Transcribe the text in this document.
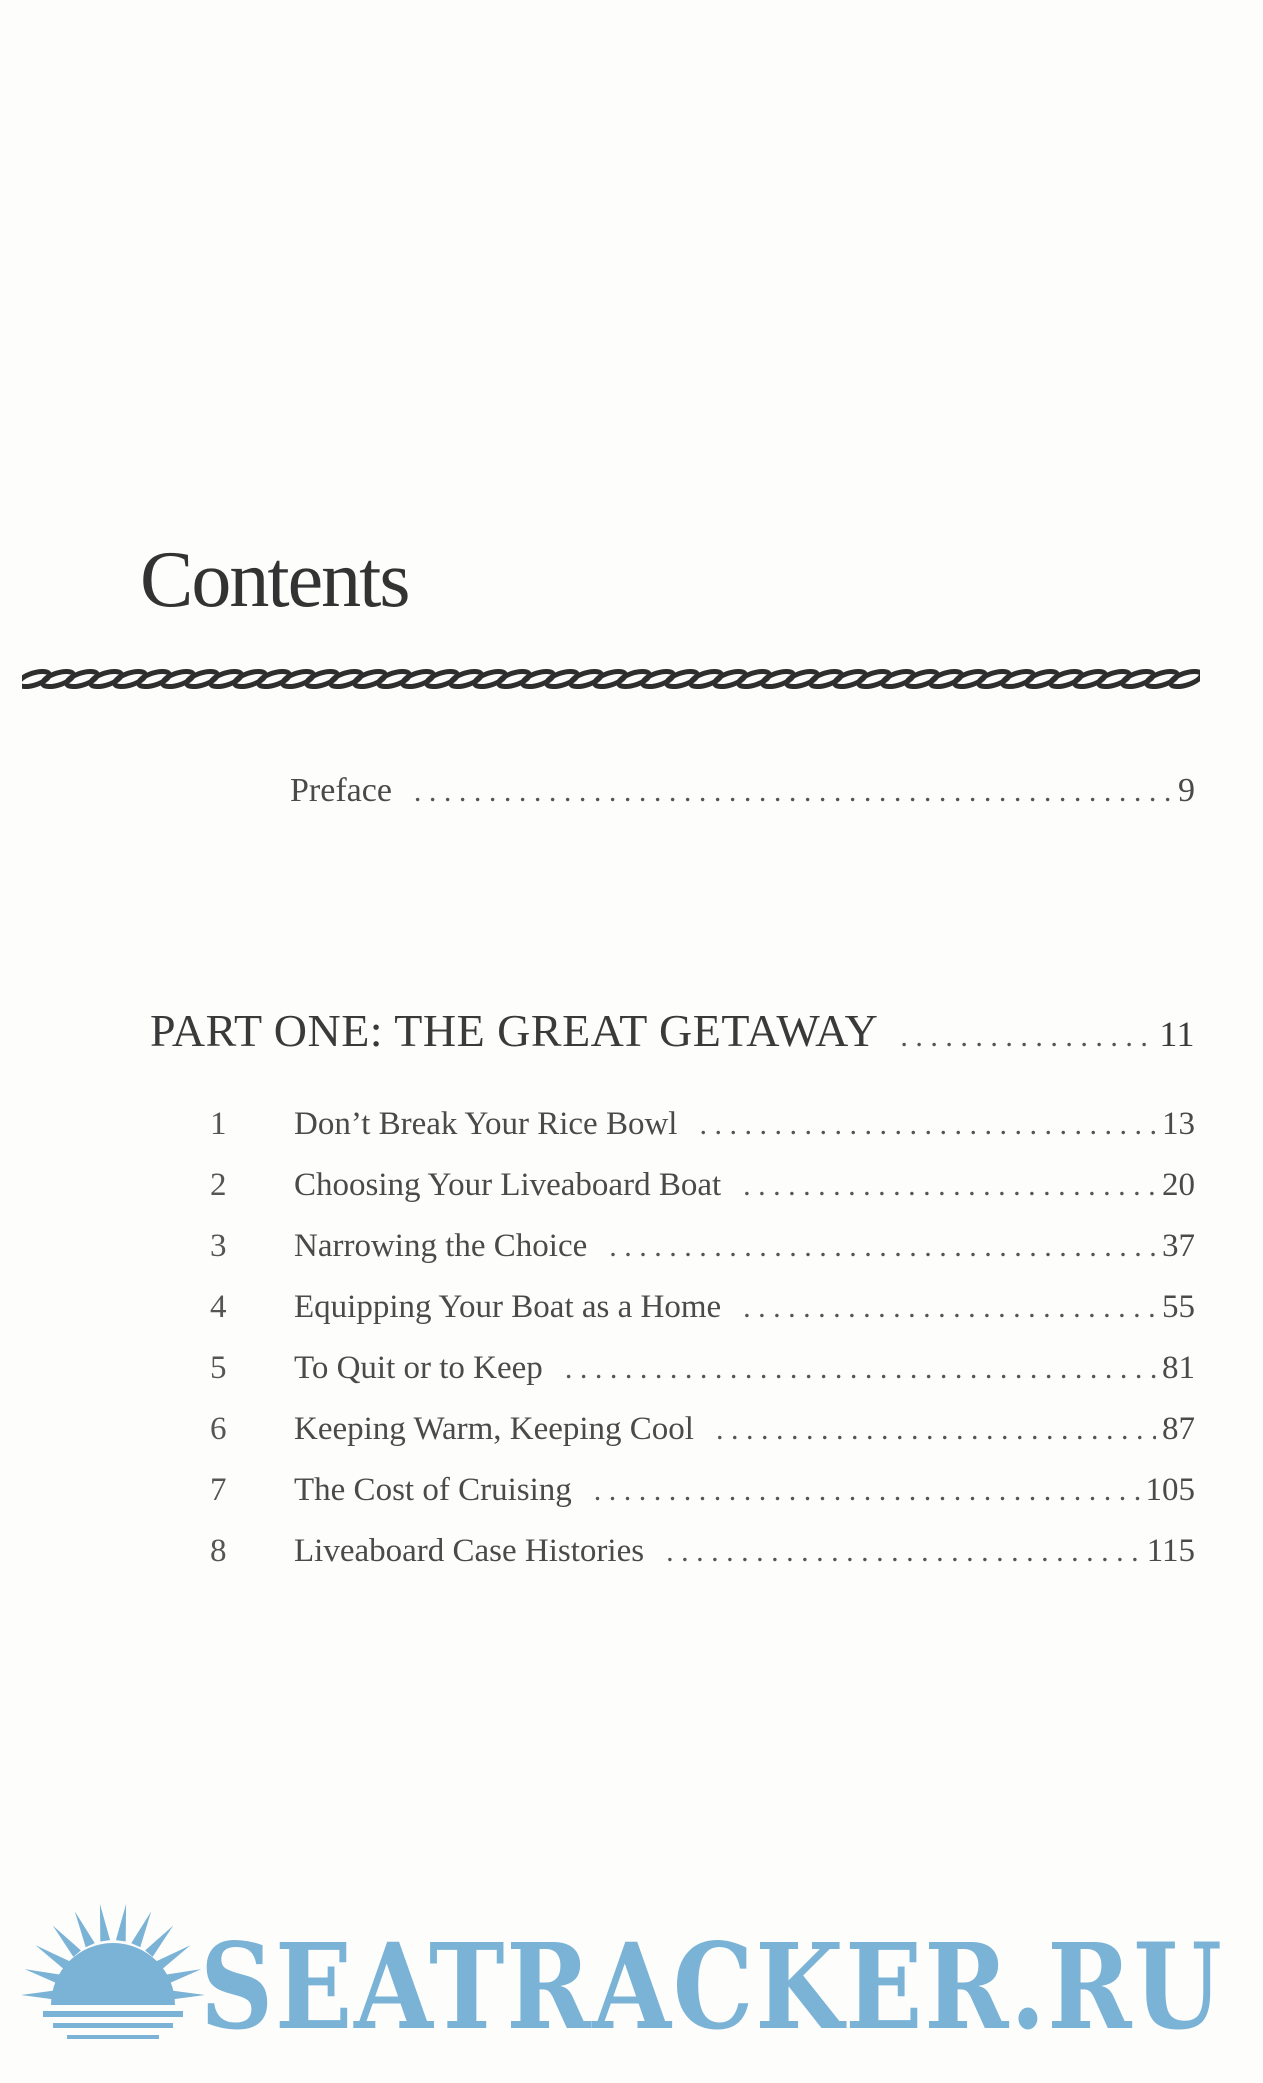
Contents
Preface . . .	9
PART ONE: THE GREAT GETAWAY . . .	11
1	Don’t Break Your Rice Bowl . . .	13
2	Choosing Your Liveaboard Boat . . .	20
3	Narrowing the Choice . . .	37
4	Equipping Your Boat as a Home . . .	55
5	To Quit or to Keep . . .	81
6	Keeping Warm, Keeping Cool . . .	87
7	The Cost of Cruising . . .	105
8	Liveaboard Case Histories . . .	115
SEATRACKER.RU
